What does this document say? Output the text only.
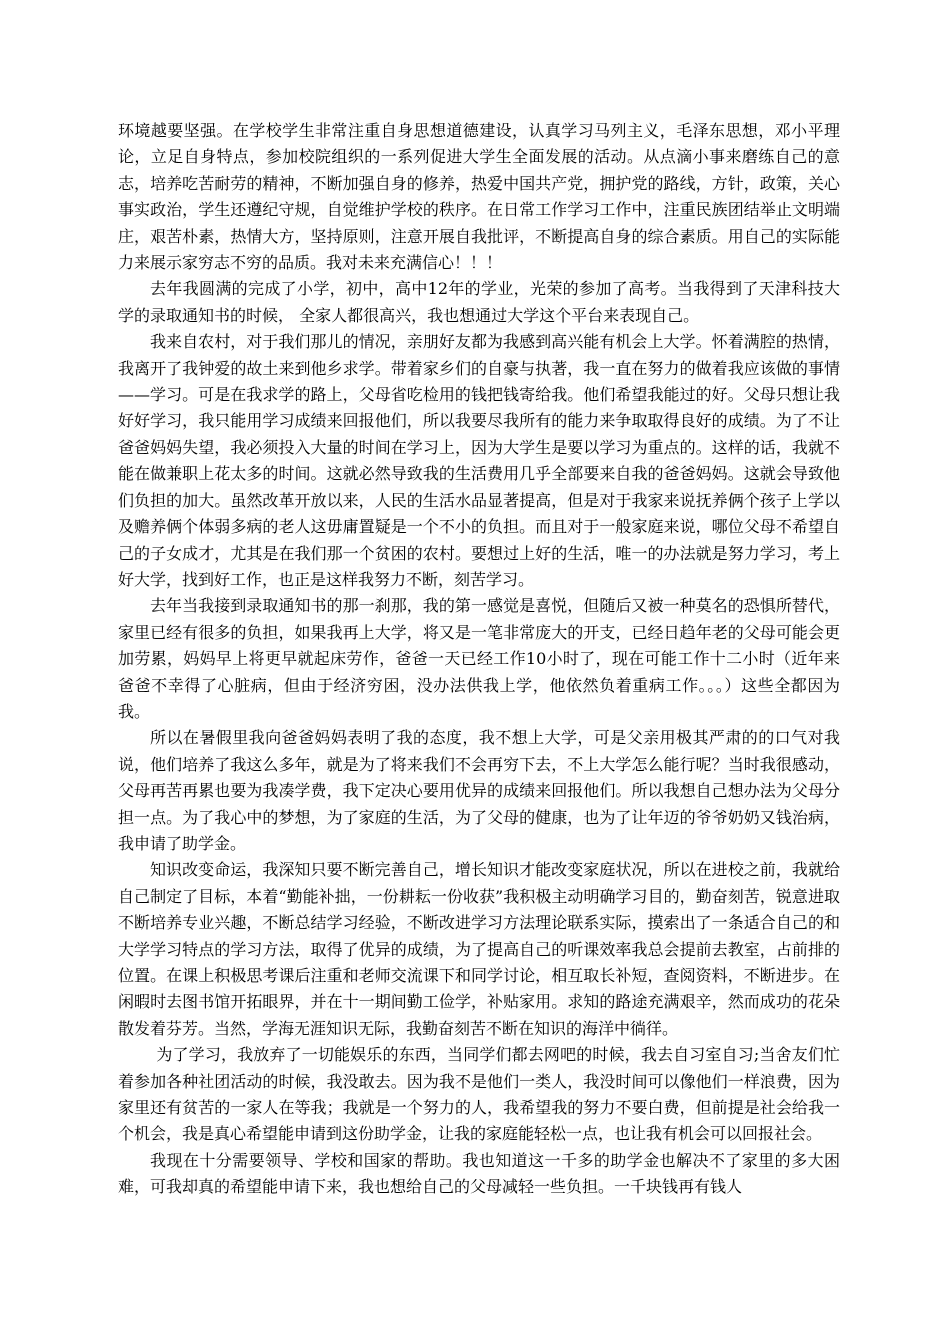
环境越要坚强。在学校学生非常注重自身思想道德建设，认真学习马列主义，毛泽东思想，邓小平理论，立足自身特点，参加校院组织的一系列促进大学生全面发展的活动。从点滴小事来磨练自己的意志，培养吃苦耐劳的精神，不断加强自身的修养，热爱中国共产党，拥护党的路线，方针，政策，关心事实政治，学生还遵纪守规，自觉维护学校的秩序。在日常工作学习工作中，注重民族团结举止文明端庄，艰苦朴素，热情大方，坚持原则，注意开展自我批评，不断提高自身的综合素质。用自己的实际能力来展示家穷志不穷的品质。我对未来充满信心！！！

去年我圆满的完成了小学，初中，高中12年的学业，光荣的参加了高考。当我得到了天津科技大学的录取通知书的时候， 全家人都很高兴，我也想通过大学这个平台来表现自己。

我来自农村，对于我们那儿的情况，亲朋好友都为我感到高兴能有机会上大学。怀着满腔的热情，我离开了我钟爱的故土来到他乡求学。带着家乡们的自豪与执著，我一直在努力的做着我应该做的事情——学习。可是在我求学的路上，父母省吃检用的钱把钱寄给我。他们希望我能过的好。父母只想让我好好学习，我只能用学习成绩来回报他们，所以我要尽我所有的能力来争取取得良好的成绩。为了不让爸爸妈妈失望，我必须投入大量的时间在学习上，因为大学生是要以学习为重点的。这样的话，我就不能在做兼职上花太多的时间。这就必然导致我的生活费用几乎全部要来自我的爸爸妈妈。这就会导致他们负担的加大。虽然改革开放以来，人民的生活水品显著提高，但是对于我家来说抚养俩个孩子上学以及赡养俩个体弱多病的老人这毋庸置疑是一个不小的负担。而且对于一般家庭来说，哪位父母不希望自己的子女成才，尤其是在我们那一个贫困的农村。要想过上好的生活，唯一的办法就是努力学习，考上好大学，找到好工作，也正是这样我努力不断，刻苦学习。

去年当我接到录取通知书的那一刹那，我的第一感觉是喜悦，但随后又被一种莫名的恐惧所替代，家里已经有很多的负担，如果我再上大学，将又是一笔非常庞大的开支，已经日趋年老的父母可能会更加劳累，妈妈早上将更早就起床劳作，爸爸一天已经工作10小时了，现在可能工作十二小时（近年来爸爸不幸得了心脏病，但由于经济穷困，没办法供我上学，他依然负着重病工作。。。）这些全都因为我。

所以在暑假里我向爸爸妈妈表明了我的态度，我不想上大学，可是父亲用极其严肃的的口气对我说，他们培养了我这么多年，就是为了将来我们不会再穷下去，不上大学怎么能行呢？当时我很感动，父母再苦再累也要为我凑学费，我下定决心要用优异的成绩来回报他们。所以我想自己想办法为父母分担一点。为了我心中的梦想，为了家庭的生活，为了父母的健康，也为了让年迈的爷爷奶奶又钱治病，我申请了助学金。

知识改变命运，我深知只要不断完善自己，增长知识才能改变家庭状况，所以在进校之前，我就给自己制定了目标，本着“勤能补拙，一份耕耘一份收获”我积极主动明确学习目的，勤奋刻苦，锐意进取不断培养专业兴趣，不断总结学习经验，不断改进学习方法理论联系实际，摸索出了一条适合自己的和大学学习特点的学习方法，取得了优异的成绩，为了提高自己的听课效率我总会提前去教室，占前排的位置。在课上积极思考课后注重和老师交流课下和同学讨论，相互取长补短，查阅资料，不断进步。在闲暇时去图书馆开拓眼界，并在十一期间勤工俭学，补贴家用。求知的路途充满艰辛，然而成功的花朵散发着芬芳。当然，学海无涯知识无际，我勤奋刻苦不断在知识的海洋中徜徉。

为了学习，我放弃了一切能娱乐的东西，当同学们都去网吧的时候，我去自习室自习;当舍友们忙着参加各种社团活动的时候，我没敢去。因为我不是他们一类人，我没时间可以像他们一样浪费，因为家里还有贫苦的一家人在等我；我就是一个努力的人，我希望我的努力不要白费，但前提是社会给我一个机会，我是真心希望能申请到这份助学金，让我的家庭能轻松一点，也让我有机会可以回报社会。

我现在十分需要领导、学校和国家的帮助。我也知道这一千多的助学金也解决不了家里的多大困难，可我却真的希望能申请下来，我也想给自己的父母减轻一些负担。一千块钱再有钱人
